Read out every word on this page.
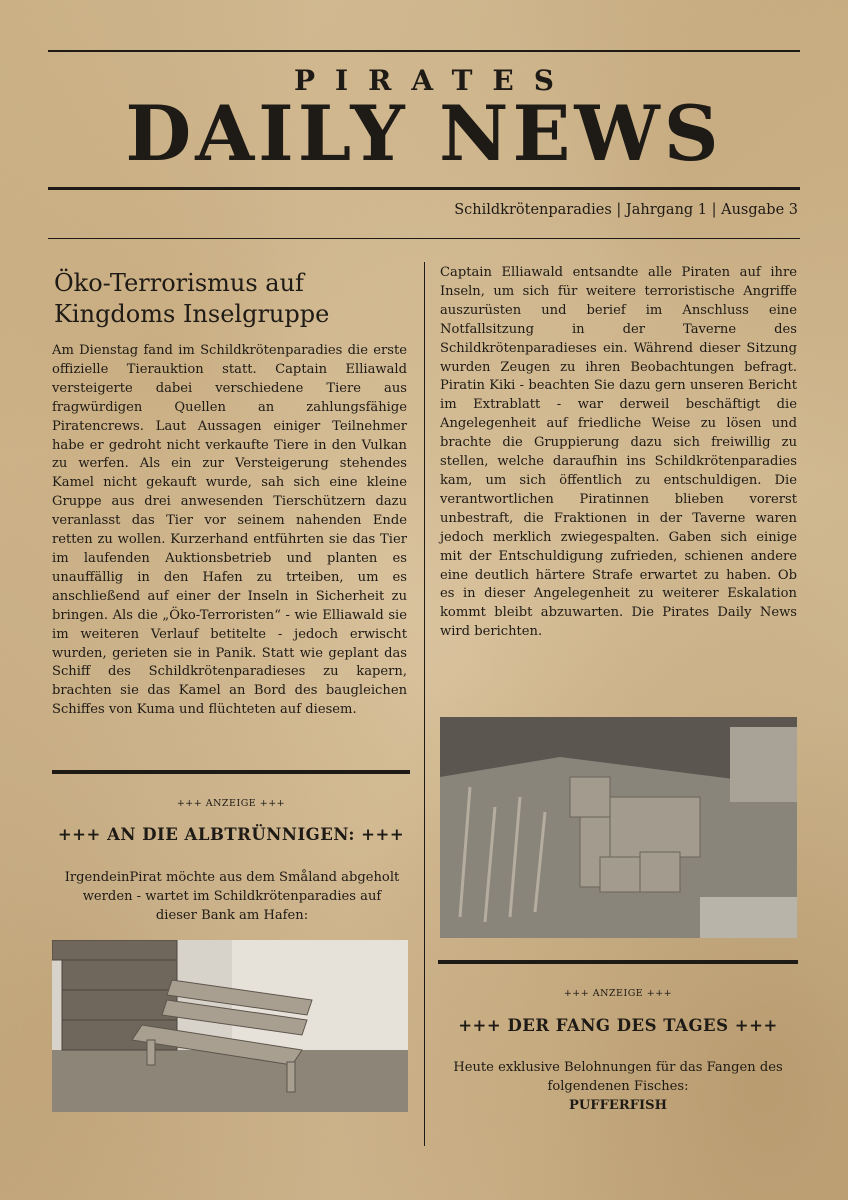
PIRATES
DAILY NEWS
Schildkrötenparadies | Jahrgang 1 | Ausgabe 3
Öko-Terrorismus auf
Kingdoms Inselgruppe

Am Dienstag fand im Schildkrötenparadies die erste offizielle Tierauktion statt. Captain Elliawald versteigerte dabei verschiedene Tiere aus fragwürdigen Quellen an zahlungsfähige Piratencrews. Laut Aussagen einiger Teilnehmer habe er gedroht nicht verkaufte Tiere in den Vulkan zu werfen. Als ein zur Versteigerung stehendes Kamel nicht gekauft wurde, sah sich eine kleine Gruppe aus drei anwesenden Tierschützern dazu veranlasst das Tier vor seinem nahenden Ende retten zu wollen. Kurzerhand entführten sie das Tier im laufenden Auktionsbetrieb und planten es unauffällig in den Hafen zu trteiben, um es anschließend auf einer der Inseln in Sicherheit zu bringen. Als die „Öko-Terroristen“ - wie Elliawald sie im weiteren Verlauf betitelte - jedoch erwischt wurden, gerieten sie in Panik. Statt wie geplant das Schiff des Schildkrötenparadieses zu kapern, brachten sie das Kamel an Bord des baugleichen Schiffes von Kuma und flüchteten auf diesem.

Captain Elliawald entsandte alle Piraten auf ihre Inseln, um sich für weitere terroristische Angriffe auszurüsten und berief im Anschluss eine Notfallsitzung in der Taverne des Schildkrötenparadieses ein. Während dieser Sitzung wurden Zeugen zu ihren Beobachtungen befragt. Piratin Kiki - beachten Sie dazu gern unseren Bericht im Extrablatt - war derweil beschäftigt die Angelegenheit auf friedliche Weise zu lösen und brachte die Gruppierung dazu sich freiwillig zu stellen, welche daraufhin ins Schildkrötenparadies kam, um sich öffentlich zu entschuldigen. Die verantwortlichen Piratinnen blieben vorerst unbestraft, die Fraktionen in der Taverne waren jedoch merklich zwiegespalten. Gaben sich einige mit der Entschuldigung zufrieden, schienen andere eine deutlich härtere Strafe erwartet zu haben. Ob es in dieser Angelegenheit zu weiterer Eskalation kommt bleibt abzuwarten. Die Pirates Daily News wird berichten.

+++ ANZEIGE +++
+++ AN DIE ALBTRÜNNIGEN: +++
IrgendeinPirat möchte aus dem Småland abgeholt werden - wartet im Schildkrötenparadies auf dieser Bank am Hafen:
+++ ANZEIGE +++
+++ DER FANG DES TAGES +++
Heute exklusive Belohnungen für das Fangen des folgendenen Fisches:
PUFFERFISH
